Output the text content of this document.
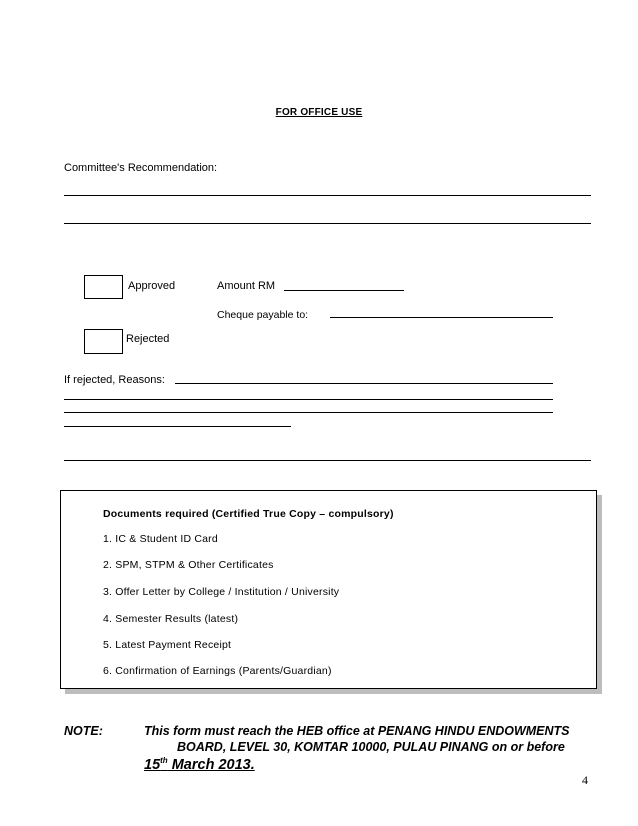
FOR OFFICE USE
Committee's Recommendation:
Approved	Amount RM
Cheque payable to:
Rejected
If rejected, Reasons:
Documents required (Certified True Copy – compulsory)
1. IC & Student ID Card
2. SPM, STPM & Other Certificates
3. Offer Letter by College / Institution / University
4. Semester Results (latest)
5. Latest Payment Receipt
6. Confirmation of Earnings (Parents/Guardian)
NOTE:	This form must reach the HEB office at PENANG HINDU ENDOWMENTS
BOARD, LEVEL 30, KOMTAR 10000, PULAU PINANG on or before
15th March 2013.
4
